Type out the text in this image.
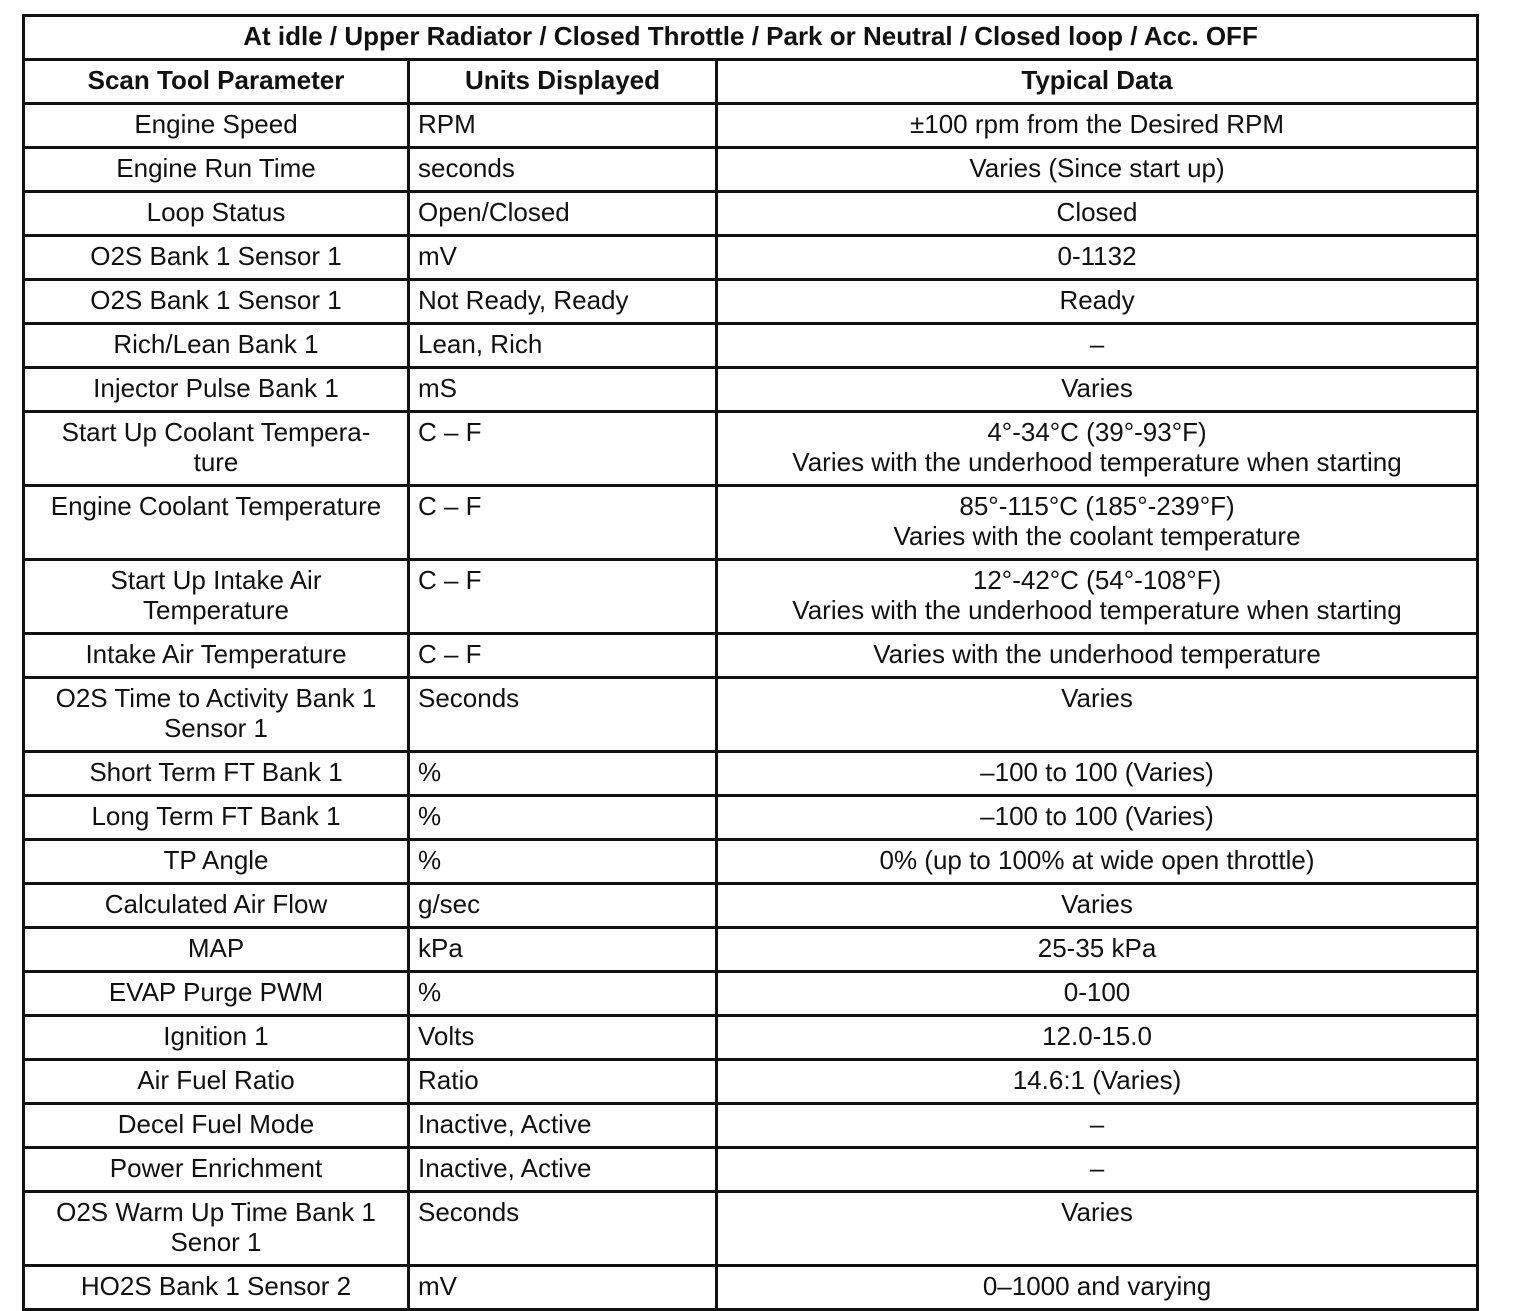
At idle / Upper Radiator / Closed Throttle / Park or Neutral / Closed loop / Acc. OFF		
Scan Tool Parameter	Units Displayed	Typical Data

Engine Speed	RPM	±100 rpm from the Desired RPM

Engine Run Time	seconds	Varies (Since start up)

Loop Status	Open/Closed	Closed

O2S Bank 1 Sensor 1	mV	0-1132

O2S Bank 1 Sensor 1	Not Ready, Ready	Ready

Rich/Lean Bank 1	Lean, Rich	–

Injector Pulse Bank 1	mS	Varies

Start Up Coolant Tempera-
ture	C – F	4°-34°C (39°-93°F)
Varies with the underhood temperature when starting

Engine Coolant Temperature	C – F	85°-115°C (185°-239°F)
Varies with the coolant temperature

Start Up Intake Air
Temperature	C – F	12°-42°C (54°-108°F)
Varies with the underhood temperature when starting

Intake Air Temperature	C – F	Varies with the underhood temperature

O2S Time to Activity Bank 1
Sensor 1	Seconds	Varies

Short Term FT Bank 1	%	–100 to 100 (Varies)

Long Term FT Bank 1	%	–100 to 100 (Varies)

TP Angle	%	0% (up to 100% at wide open throttle)

Calculated Air Flow	g/sec	Varies

MAP	kPa	25-35 kPa

EVAP Purge PWM	%	0-100

Ignition 1	Volts	12.0-15.0

Air Fuel Ratio	Ratio	14.6:1 (Varies)

Decel Fuel Mode	Inactive, Active	–

Power Enrichment	Inactive, Active	–

O2S Warm Up Time Bank 1
Senor 1	Seconds	Varies

HO2S Bank 1 Sensor 2	mV	0–1000 and varying
